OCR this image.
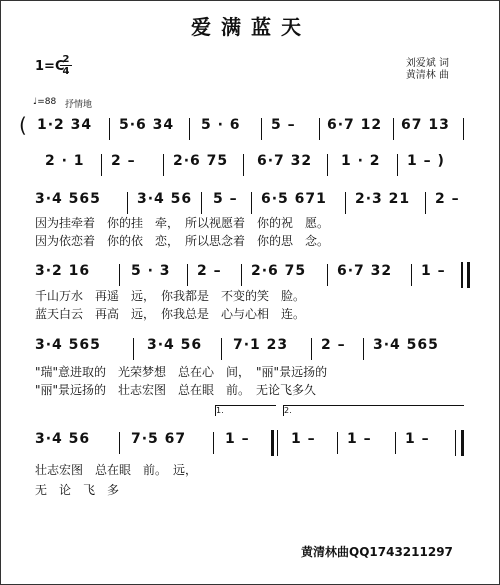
爱满蓝天
1=C
2
4
刘爱斌 词
黄清林 曲
♩=88 抒情地
( 1·2 34 5·6 34 5 · 6 5 – 6·7 12 67 13
2 · 1 2 –	2·6 75 6·7 32 1 · 2 1 – )
3·4 565	3·4 56 5 – 6·5 671 2·3 21 2 –
因为挂牵着　你的挂　牵，　所以视愿着　你的祝　愿。
因为依恋着　你的依　恋，　所以思念着　你的思　念。
3·2 16	5 · 3 2 – 2·6 75 6·7 32 1 –
千山万水　再遥　远，　你我都是　不变的笑　脸。
蓝天白云　再高　远，　你我总是　心与心相　连。
3·4 565	3·4 56 7·1 23 2 – 3·4 565
"瑞"意进取的　光荣梦想　总在心　间，　"丽"景远扬的
"丽"景远扬的　壮志宏图　总在眼　前。　无论飞多久
1.	2.
3·4 56	7·5 67	1 –	1 – 1 – 1 –
壮志宏图　总在眼　前。　远，
无　论　飞　多
黄清林曲QQ1743211297
